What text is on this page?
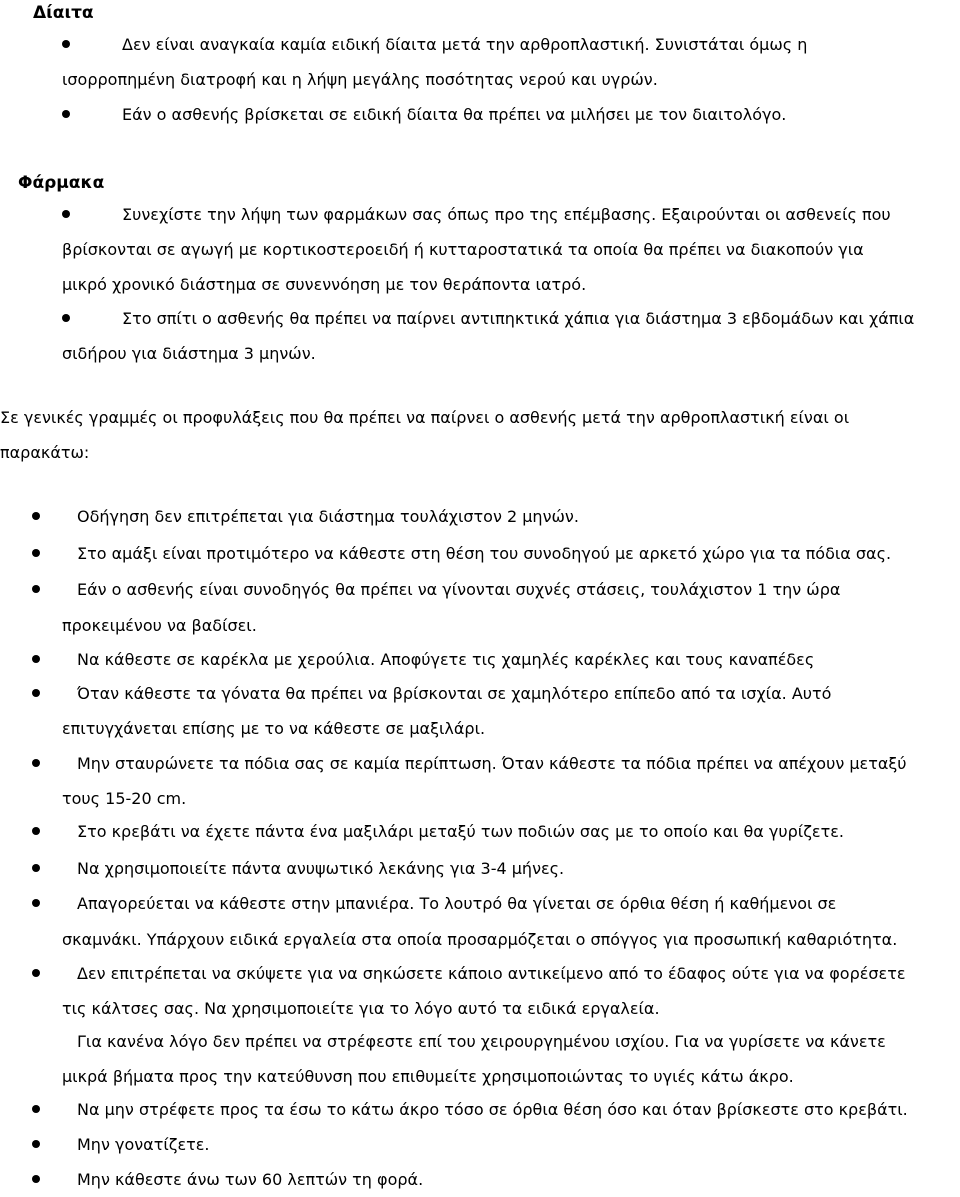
Δίαιτα
Δεν είναι αναγκαία καμία ειδική δίαιτα μετά την αρθροπλαστική. Συνιστάται όμως η
ισορροπημένη διατροφή και η λήψη μεγάλης ποσότητας νερού και υγρών.
Εάν ο ασθενής βρίσκεται σε ειδική δίαιτα θα πρέπει να μιλήσει με τον διαιτολόγο.
Φάρμακα
Συνεχίστε την λήψη των φαρμάκων σας όπως προ της επέμβασης. Εξαιρούνται οι ασθενείς που
βρίσκονται σε αγωγή με κορτικοστεροειδή ή κυτταροστατικά τα οποία θα πρέπει να διακοπούν για
μικρό χρονικό διάστημα σε συνεννόηση με τον θεράποντα ιατρό.
Στο σπίτι ο ασθενής θα πρέπει να παίρνει αντιπηκτικά χάπια για διάστημα 3 εβδομάδων και χάπια
σιδήρου για διάστημα 3 μηνών.
Σε γενικές γραμμές οι προφυλάξεις που θα πρέπει να παίρνει ο ασθενής μετά την αρθροπλαστική είναι οι
παρακάτω:
Οδήγηση δεν επιτρέπεται για διάστημα τουλάχιστον 2 μηνών.
Στο αμάξι είναι προτιμότερο να κάθεστε στη θέση του συνοδηγού με αρκετό χώρο για τα πόδια σας.
Εάν ο ασθενής είναι συνοδηγός θα πρέπει να γίνονται συχνές στάσεις, τουλάχιστον 1 την ώρα
προκειμένου να βαδίσει.
Να κάθεστε σε καρέκλα με χερούλια. Αποφύγετε τις χαμηλές καρέκλες και τους καναπέδες
Όταν κάθεστε τα γόνατα θα πρέπει να βρίσκονται σε χαμηλότερο επίπεδο από τα ισχία. Αυτό
επιτυγχάνεται επίσης με το να κάθεστε σε μαξιλάρι.
Μην σταυρώνετε τα πόδια σας σε καμία περίπτωση. Όταν κάθεστε τα πόδια πρέπει να απέχουν μεταξύ
τους 15-20 cm.
Στο κρεβάτι να έχετε πάντα ένα μαξιλάρι μεταξύ των ποδιών σας με το οποίο και θα γυρίζετε.
Να χρησιμοποιείτε πάντα ανυψωτικό λεκάνης για 3-4 μήνες.
Απαγορεύεται να κάθεστε στην μπανιέρα. Το λουτρό θα γίνεται σε όρθια θέση ή καθήμενοι σε
σκαμνάκι. Υπάρχουν ειδικά εργαλεία στα οποία προσαρμόζεται ο σπόγγος για προσωπική καθαριότητα.
Δεν επιτρέπεται να σκύψετε για να σηκώσετε κάποιο αντικείμενο από το έδαφος ούτε για να φορέσετε
τις κάλτσες σας. Να χρησιμοποιείτε για το λόγο αυτό τα ειδικά εργαλεία.
Για κανένα λόγο δεν πρέπει να στρέφεστε επί του χειρουργημένου ισχίου. Για να γυρίσετε να κάνετε
μικρά βήματα προς την κατεύθυνση που επιθυμείτε χρησιμοποιώντας το υγιές κάτω άκρο.
Να μην στρέφετε προς τα έσω το κάτω άκρο τόσο σε όρθια θέση όσο και όταν βρίσκεστε στο κρεβάτι.
Μην γονατίζετε.
Μην κάθεστε άνω των 60 λεπτών τη φορά.
